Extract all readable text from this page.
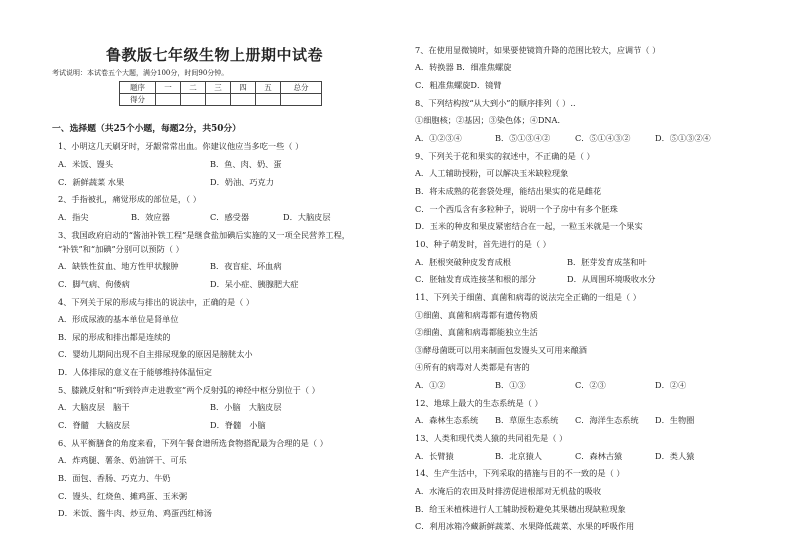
鲁教版七年级生物上册期中试卷
考试说明：本试卷五个大题，满分100分，时间90分钟。
题序	一	二	三	四	五	总分
得分						
一、选择题（共25个小题，每题2分，共50分）
1、小明这几天刷牙时，牙龈常常出血。你建议他应当多吃一些（ ）
A．米饭、馒头	B．鱼、肉、奶、蛋
C．新鲜蔬菜 水果	D．奶油、巧克力
2、手指被扎，痛觉形成的部位是，（ ）
A．指尖	B．效应器	C．感受器	D．大脑皮层
3、我国政府启动的“酱油补铁工程”是继食盐加碘后实施的又一项全民营养工程，
“补铁”和“加碘”分别可以预防（ ）
A．缺铁性贫血、地方性甲状腺肿	B．夜盲症、坏血病
C．脚气病、佝偻病	D．呆小症、胰腺肥大症
4、下列关于尿的形成与排出的说法中，正确的是（ ）
A．形成尿液的基本单位是肾单位
B．尿的形成和排出都是连续的
C．婴幼儿期间出现不自主排尿现象的原因是膀胱太小
D．人体排尿的意义在于能够维持体温恒定
5、膝跳反射和“听到铃声走进教室”两个反射弧的神经中枢分别位于（ ）
A．大脑皮层　脑干	B．小脑　大脑皮层
C．脊髓　大脑皮层	D．脊髓　小脑
6、从平衡膳食的角度来看，下列午餐食谱所选食物搭配最为合理的是（ ）
A．炸鸡腿、薯条、奶油饼干、可乐
B．面包、香肠、巧克力、牛奶
C．馒头、红烧鱼、摊鸡蛋、玉米粥
D．米饭、酱牛肉、炒豆角、鸡蛋西红柿汤
7、在使用显微镜时，如果要使镜筒升降的范围比较大，应调节（ ）
A．转换器 B．细准焦螺旋
C．粗准焦螺旋D．镜臂
8、下列结构按“从大到小”的顺序排列（ ）..
①细胞核；②基因；③染色体；④DNA．
A．①②③④	B．⑤①③④②	C．⑤①④③②	D．⑤①③②④
9、下列关于花和果实的叙述中，不正确的是（ ）
A．人工辅助授粉，可以解决玉米缺粒现象
B．将未成熟的花套袋处理，能结出果实的花是雌花
C．一个西瓜含有多粒种子，说明一个子房中有多个胚珠
D．玉米的种皮和果皮紧密结合在一起，一粒玉米就是一个果实
10、种子萌发时，首先进行的是（ ）
A．胚根突破种皮发育成根	B．胚芽发育成茎和叶
C．胚轴发育成连接茎和根的部分	D．从周围环境吸收水分
11、下列关于细菌、真菌和病毒的说法完全正确的一组是（ ）
①细菌、真菌和病毒都有遗传物质
②细菌、真菌和病毒都能独立生活
③酵母菌既可以用来制面包发馒头又可用来酿酒
④所有的病毒对人类都是有害的
A．①②	B．①③	C．②③	D．②④
12、地球上最大的生态系统是（ ）
A．森林生态系统 B．草原生态系统 C．海洋生态系统 D．生物圈
13、人类和现代类人猿的共同祖先是（ ）
A．长臂猿	B．北京猿人	C．森林古猿	D．类人猿
14、生产生活中，下列采取的措施与目的不一致的是（ ）
A．水淹后的农田及时排涝促进根部对无机盐的吸收
B．给玉米植株进行人工辅助授粉避免其果穗出现缺粒现象
C．利用冰箱冷藏新鲜蔬菜、水果降低蔬菜、水果的呼吸作用
